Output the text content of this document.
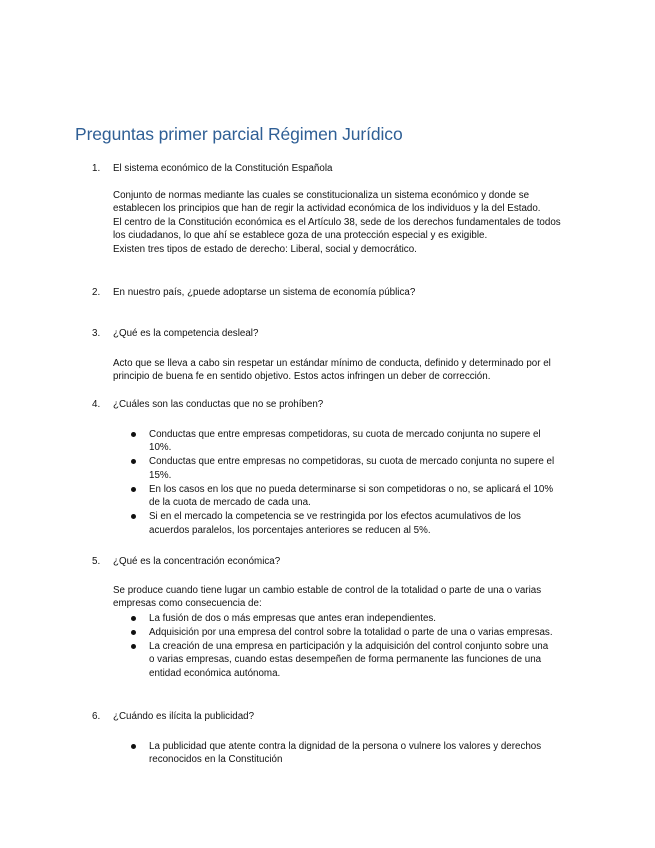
Preguntas primer parcial Régimen Jurídico
1. El sistema económico de la Constitución Española

Conjunto de normas mediante las cuales se constitucionaliza un sistema económico y donde se establecen los principios que han de regir la actividad económica de los individuos y la del Estado.

El centro de la Constitución económica es el Artículo 38, sede de los derechos fundamentales de todos los ciudadanos, lo que ahí se establece goza de una protección especial y es exigible.

Existen tres tipos de estado de derecho: Liberal, social y democrático.

2. En nuestro país, ¿puede adoptarse un sistema de economía pública?
3. ¿Qué es la competencia desleal?

Acto que se lleva a cabo sin respetar un estándar mínimo de conducta, definido y determinado por el principio de buena fe en sentido objetivo. Estos actos infringen un deber de corrección.

4. ¿Cuáles son las conductas que no se prohíben?
Conductas que entre empresas competidoras, su cuota de mercado conjunta no supere el 10%.
Conductas que entre empresas no competidoras, su cuota de mercado conjunta no supere el 15%.
En los casos en los que no pueda determinarse si son competidoras o no, se aplicará el 10% de la cuota de mercado de cada una.
Si en el mercado la competencia se ve restringida por los efectos acumulativos de los acuerdos paralelos, los porcentajes anteriores se reducen al 5%.
5. ¿Qué es la concentración económica?

Se produce cuando tiene lugar un cambio estable de control de la totalidad o parte de una o varias empresas como consecuencia de:

La fusión de dos o más empresas que antes eran independientes.
Adquisición por una empresa del control sobre la totalidad o parte de una o varias empresas.
La creación de una empresa en participación y la adquisición del control conjunto sobre una o varias empresas, cuando estas desempeñen de forma permanente las funciones de una entidad económica autónoma.
6. ¿Cuándo es ilícita la publicidad?
La publicidad que atente contra la dignidad de la persona o vulnere los valores y derechos reconocidos en la Constitución
